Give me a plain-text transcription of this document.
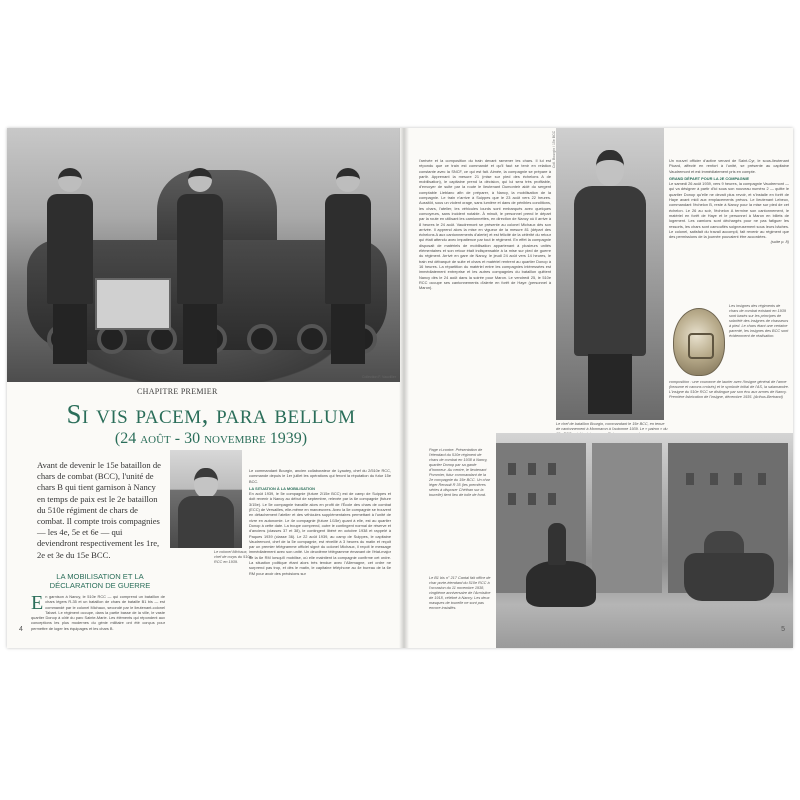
Collection F. Vauvillier
CHAPITRE PREMIER
Si vis pacem, para bellum
(24 août - 30 novembre 1939)
Avant de devenir le 15e bataillon de chars de combat (BCC), l'unité de chars B qui tient garnison à Nancy en temps de paix est le 2e bataillon du 510e régiment de chars de combat. Il compte trois compagnies — les 4e, 5e et 6e — qui deviendront respectivement les 1re, 2e et 3e du 15e BCC.
LA MOBILISATION ET LA DÉCLARATION DE GUERRE
E n garnison à Nancy, le 510e RCC — qui comprend un bataillon de chars légers R-35 et un bataillon de chars de bataille B1 bis — est commandé par le colonel Michaux, secondé par le lieutenant-colonel Tabart. Le régiment occupe, dans la partie basse de la ville, le vaste quartier Donop à côté du parc Sainte-Marie. Les éléments qui répondent aux conceptions les plus modernes du génie militaire ont été conçus pour permettre de loger les équipages et les chars B.
Le colonel Michaux, chef de corps du 510e RCC en 1939.

Le commandant Bourgin, ancien collaborateur de Lyautey, chef du 2/510e RCC, commande depuis le 1er juillet les opérations qui feront la réputation du futur 15e BCC.

LA SITUATION À LA MOBILISATION

En août 1939, le 5e compagnie (future 2/15e BCC) est de camp de Suippes et doit revenir à Nancy au début de septembre, relevée par la 6e compagnie (future 3/15e). Le 5e compagnie travaille alors en profit de l'École des chars de combat (ECC) de Versailles, elle-même en manœuvres. Avec la 5e compagnie se trouvent en détachement l'atelier et des véhicules supplémentaires permettant à l'unité de vivre en autonomie. Le 4e compagnie (future 1/15e) quant à elle, est au quartier Donop à cette date. La troupe comprend, outre le contingent normal de réserve et d'anciens (classes 37 et 38), le contingent libéré en octobre 1938 et rappelé à Paques 1939 (classe 36). Le 22 août 1939, au camp de Suippes, le capitaine Vaudremont, chef de la 5e compagnie, est réveillé à 3 heures du matin et reçoit par un premier télégramme officiel signé du colonel Michaux, il reçoit le message immédiatement avec son unité. Un deuxième télégramme émanant de l'état-major de la 6e RM lorsqu'il mobilise, où elle maintient la compagnie confirme cet ordre. La situation politique étant alors très tendue avec l'Allemagne, cet ordre ne surprend pas trop, et dès le matin, le capitaine téléphone au 4e bureau de la 6e RM pour avoir des précisions sur

4
l'arrivée et la composition du train devant ramener les chars. Il lui est répondu que ce train est commandé et qu'il faut se tenir en relation constante avec la SNCF, ce qui est fait. Aimée, la compagnie se prépare à partir. Apprenant la mesure 21 (mise sur pied des échelons A de mobilisation), le capitaine prend la décision, qui lui sera très profitable, d'envoyer de suite par la route le lieutenant Dumonteir aidé du sergent comptable Lieblanc afin de préparer, à Nancy, la mobilisation de la compagnie. Le train n'arrive à Suippes que le 23 août vers 22 heures. Aussitôt, sous un violent orage, sans lumière et dans de pénibles conditions, les chars, l'atelier, les véhicules lourds sont embarqués avec quelques convoyeurs, sans incident notable. À minuit, le personnel prend le départ par la route en utilisant les camionnettes, en direction de Nancy où il arrive à 8 heures le 24 août. Vaudremont se présente au colonel Michaux dès son arrivée. Il apprend alors la mise en vigueur de la mesure 81 (départ des échelons A aux cantonnements d'alerte) et est félicité de la célérité du retour qui était attendu avec impatience par tout le régiment. En effet la compagnie disposait de matériels de mobilisation appartenant à plusieurs unités élémentaires et son retour était indispensable à la mise sur pied de guerre du régiment. Arrivé en gare de Nancy, le jeudi 24 août vers 14 heures, le train est débarqué de suite et chars et matériel rentrent au quartier Donop à 16 heures. La répartition du matériel entre les compagnies intéressées est immédiatement entreprise et les autres compagnies du bataillon quittent Nancy dès le 24 août dans la soirée pour Maron. Le vendredi 25, le 510e RCC occupe ses cantonnements d'alerte en forêt de Haye (personnel à Maron).
Coll. Bourgin / 15e BCC
Le chef de bataillon Bourgin, commandant le 15e BCC, en tenue de cantonnement à Monmaron à l'automne 1939. Le « patron » du

Un nouvel officier d'active venant de Saint-Cyr, le sous-lieutenant Picard, affecté en renfort à l'unité, se présente au capitaine Vaudremont et est immédiatement pris en compte.

GRAND DÉPART POUR LA 2E COMPAGNIE

Le samedi 26 août 1939, vers 9 heures, la compagnie Vaudremont — qui va désigner à partir d'ici sous son nouveau numéro 2 — quitte le quartier Donop qu'elle ne devait plus revoir, et s'installe en forêt de Haye avant midi aux emplacements prévus. Le lieutenant Lebeux, commandant l'échelon B, reste à Nancy pour la mise sur pied de cet échelon. Le 26 au soir, l'échelon A termine son cantonnement, le matériel en forêt de Haye et le personnel à Maron en billets de logement. Les camions sont déchargés pour ne pas fatiguer les ressorts, les chars sont camouflés soigneusement sous leurs bâches. Le colonel, satisfait du travail accompli, fait revenir au régiment que des permissions de la journée pouvaient être accordées.

(suite p. 8)

Les insignes des régiments de chars de combat existant en 1939 sont basés sur les principes de sobriété des insignes de chasseurs à pied. Le chars étant une certaine parenté, les insignes des BCC sont évidemment de réalisation.
composition : une couronne de laurier avec l'insigne général de l'arme (heaume et canons croisés) et le symbole initial de l'AS, la salamandre. L'insigne du 510e RCC se distingue par son écu aux armes de Nancy. Première fabrication de l'insigne, décembre 1935. (Arthus-Bertrand)
Page ci-contre. Présentation de l'étendard du 510e régiment de chars de combat en 1938 à Nancy, quartier Donop par sa garde d'honneur. Au centre, le lieutenant Pommier, futur commandant de la 2e compagnie du 15e BCC. Un char léger Renault R 35 (les premières séries à disposer Chéthan sur la tourelle) tient lieu de toile de fond.
Le B1 bis n° 217 Cantal fait office de char porte-étendard du 510e RCC à l'occasion du 11 novembre 1938, vingtième anniversaire de l'Armistice de 1918, célébré à Nancy. Les deux masques de tourelle ne sont pas encore installés.
5
